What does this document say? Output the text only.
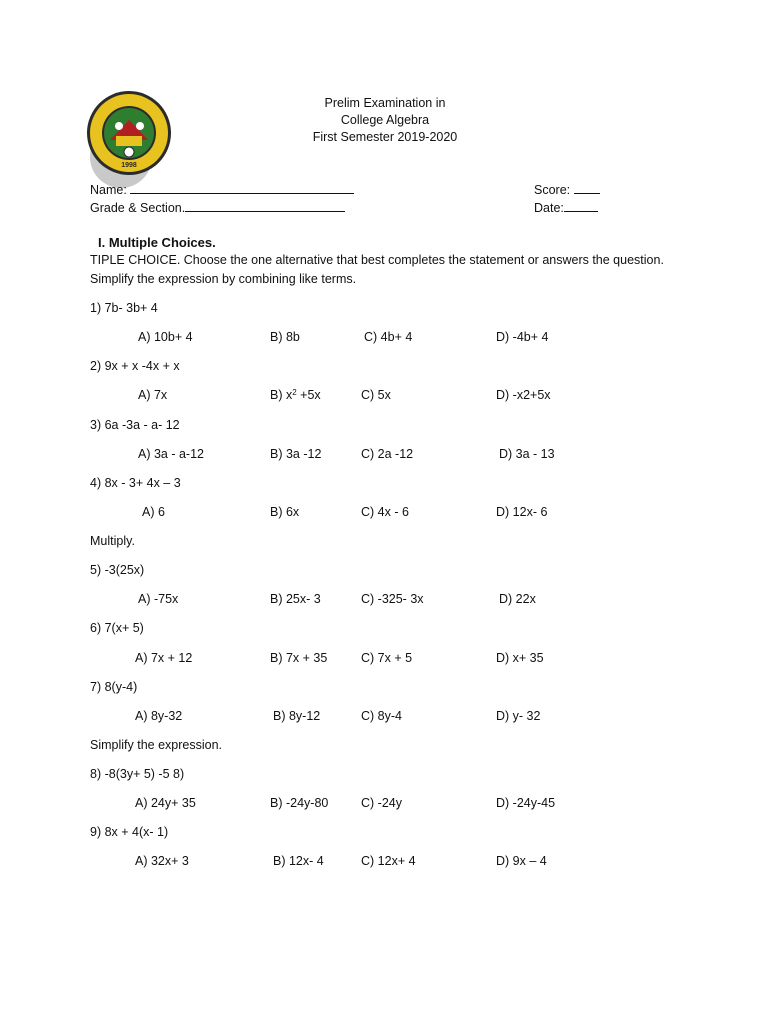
1998
Prelim Examination in
College Algebra
First Semester 2019-2020
Name:
Grade & Section.
Score:
Date:
I. Multiple Choices.
TIPLE CHOICE. Choose the one alternative that best completes the statement or answers the question.
Simplify the expression by combining like terms.
1) 7b- 3b+ 4
A) 10b+ 4	B) 8b	C) 4b+ 4	D) -4b+ 4
2) 9x + x -4x + x
A) 7x	B) $x^2 +5x$	C) 5x	D) -x2+5x
3) 6a -3a - a- 12
A) 3a - a-12	B) 3a -12	C) 2a -12	D) 3a - 13
4) 8x - 3+ 4x – 3
A) 6	B) 6x	C) 4x - 6	D) 12x- 6
Multiply.
5) -3(25x)
A) -75x	B) 25x- 3	C) -325- 3x	D) 22x
6) 7(x+ 5)
A) 7x + 12	B) 7x + 35	C) 7x + 5	D) x+ 35
7) 8(y-4)
A) 8y-32	B) 8y-12	C) 8y-4	D) y- 32
Simplify the expression.
8) -8(3y+ 5) -5 8)
A) 24y+ 35	B) -24y-80	C) -24y	D) -24y-45
9) 8x + 4(x- 1)
A) 32x+ 3	B) 12x- 4	C) 12x+ 4	D) 9x – 4
